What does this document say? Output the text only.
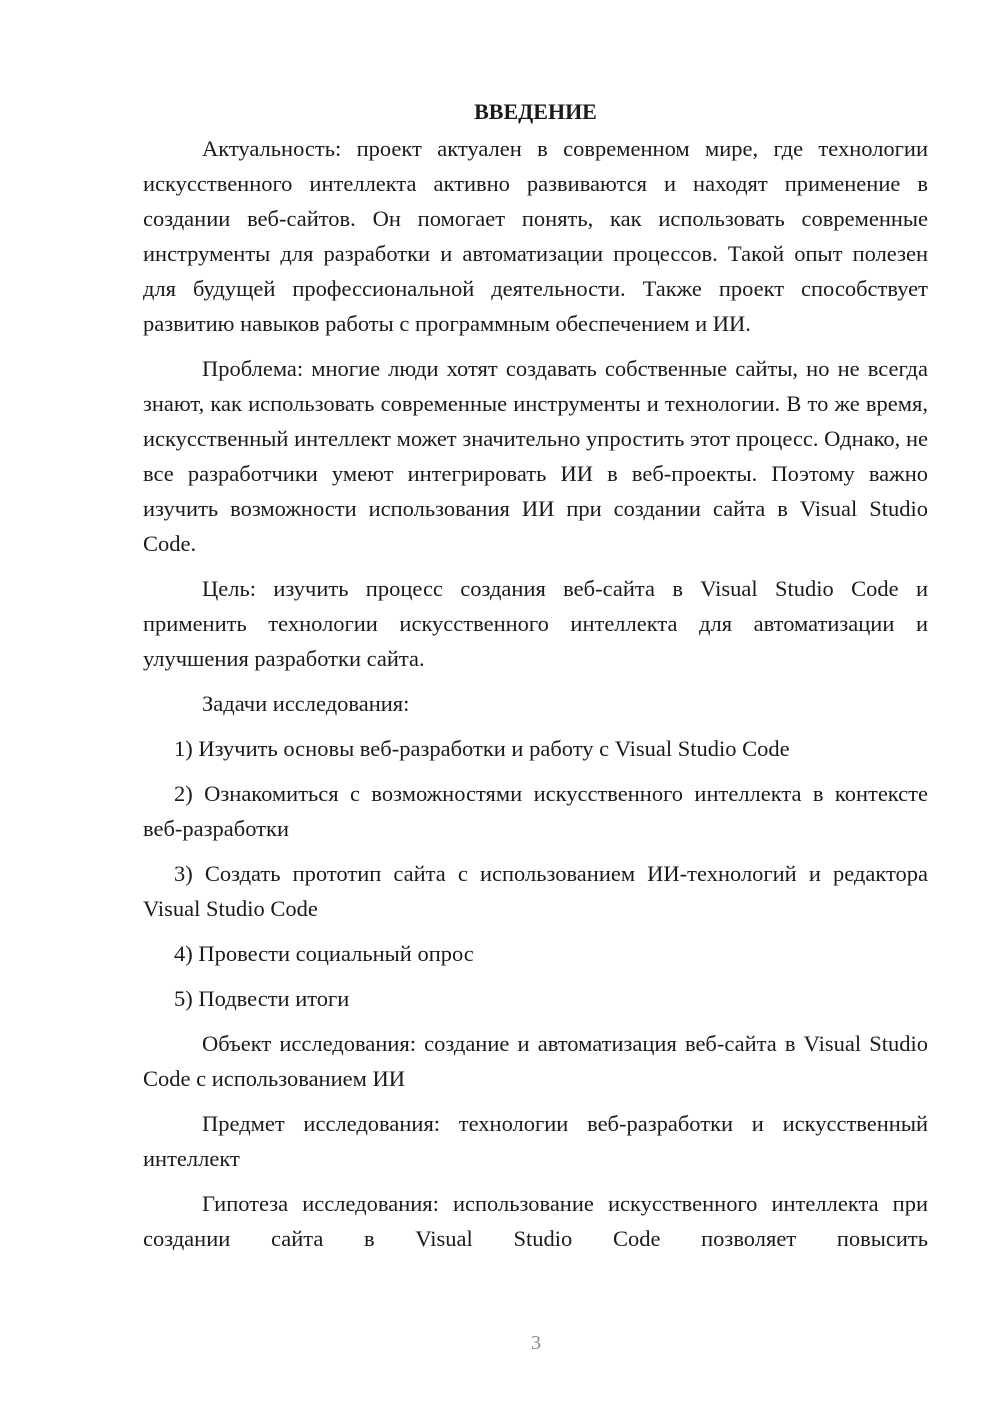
ВВЕДЕНИЕ

Актуальность: проект актуален в современном мире, где технологии искусственного интеллекта активно развиваются и находят применение в создании веб-сайтов. Он помогает понять, как использовать современные инструменты для разработки и автоматизации процессов. Такой опыт полезен для будущей профессиональной деятельности. Также проект способствует развитию навыков работы с программным обеспечением и ИИ.

Проблема: многие люди хотят создавать собственные сайты, но не всегда знают, как использовать современные инструменты и технологии. В то же время, искусственный интеллект может значительно упростить этот процесс. Однако, не все разработчики умеют интегрировать ИИ в веб-проекты. Поэтому важно изучить возможности использования ИИ при создании сайта в Visual Studio Code.

Цель: изучить процесс создания веб-сайта в Visual Studio Code и применить технологии искусственного интеллекта для автоматизации и улучшения разработки сайта.

Задачи исследования:

1) Изучить основы веб-разработки и работу с Visual Studio Code

2) Ознакомиться с возможностями искусственного интеллекта в контексте веб-разработки

3) Создать прототип сайта с использованием ИИ-технологий и редактора Visual Studio Code

4) Провести социальный опрос

5) Подвести итоги

Объект исследования: создание и автоматизация веб-сайта в Visual Studio Code с использованием ИИ

Предмет исследования: технологии веб-разработки и искусственный интеллект

Гипотеза исследования: использование искусственного интеллекта при создании сайта в Visual Studio Code позволяет повысить

3
